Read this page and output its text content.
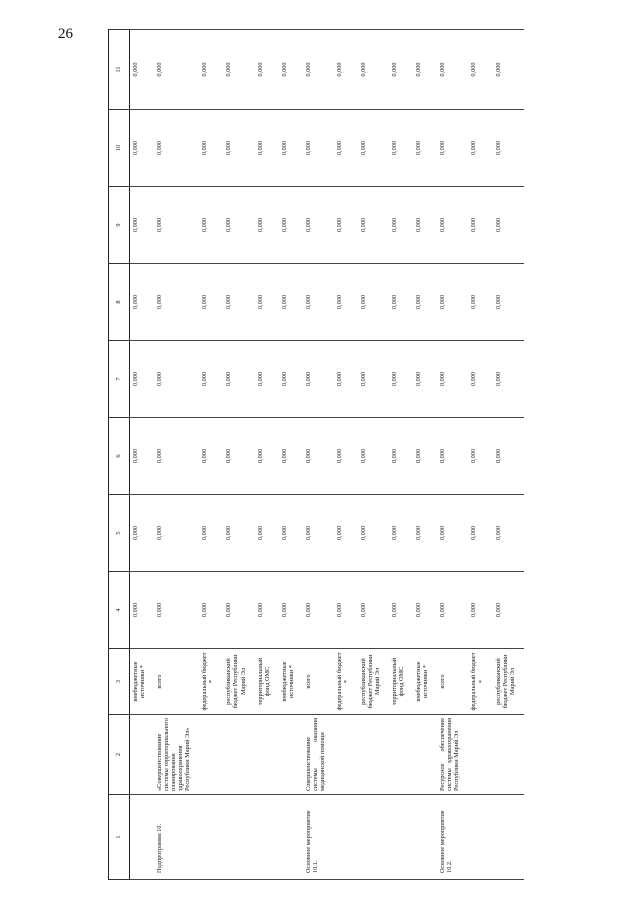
26
1	2	3	4	5	6	7	8	9	10	11
		внебюджетные источники *	0,000	0,000	0,000	0,000	0,000	0,000	0,000	0,000
Подпрограмма 10.	«Совершенствование системы территориального планирования здравоохранения Республики Марий Эл»	всего	0,000	0,000	0,000	0,000	0,000	0,000	0,000	0,000
		федеральный бюджет *	0,000	0,000	0,000	0,000	0,000	0,000	0,000	0,000
		республиканский бюджет Республики Марий Эл	0,000	0,000	0,000	0,000	0,000	0,000	0,000	0,000
		территориальный фонд ОМС	0,000	0,000	0,000	0,000	0,000	0,000	0,000	0,000
		внебюджетные источники *	0,000	0,000	0,000	0,000	0,000	0,000	0,000	0,000
Основное мероприятие 10.1.	Совершенствование системы оказания медицинской помощи	всего	0,000	0,000	0,000	0,000	0,000	0,000	0,000	0,000
		федеральный бюджет *	0,000	0,000	0,000	0,000	0,000	0,000	0,000	0,000
		республиканский бюджет Республики Марий Эл	0,000	0,000	0,000	0,000	0,000	0,000	0,000	0,000
		территориальный фонд ОМС	0,000	0,000	0,000	0,000	0,000	0,000	0,000	0,000
		внебюджетные источники *	0,000	0,000	0,000	0,000	0,000	0,000	0,000	0,000
Основное мероприятие 10.2.	Ресурсное обеспечение системы здравоохранения Республики Марий Эл	всего	0,000	0,000	0,000	0,000	0,000	0,000	0,000	0,000
		федеральный бюджет *	0,000	0,000	0,000	0,000	0,000	0,000	0,000	0,000
		республиканский бюджет Республики Марий Эл	0,000	0,000	0,000	0,000	0,000	0,000	0,000	0,000
